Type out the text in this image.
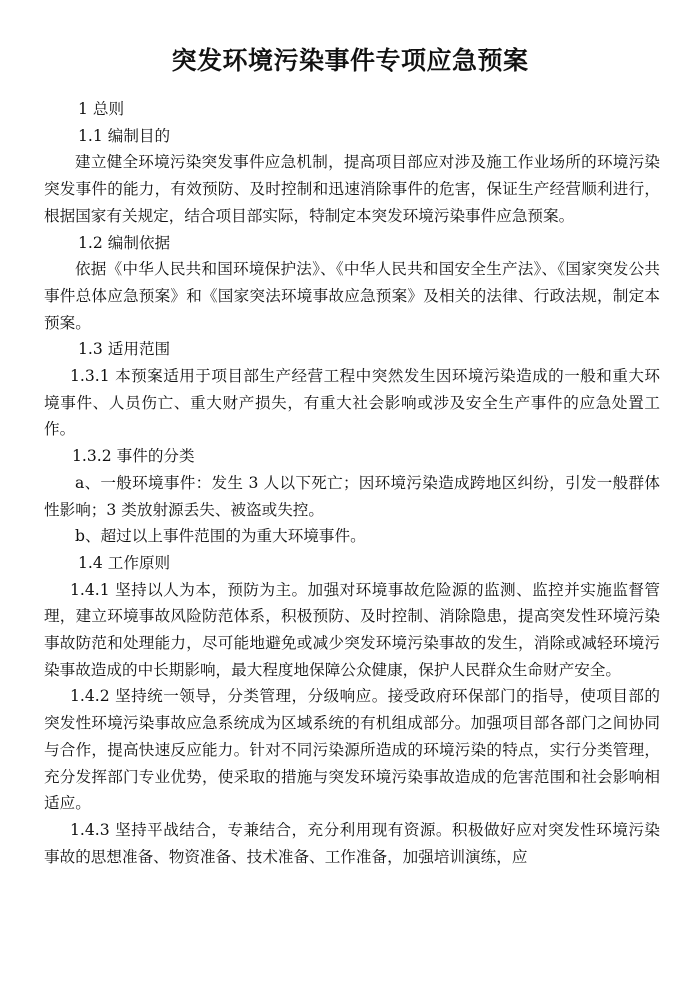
突发环境污染事件专项应急预案

1 总则

1.1 编制目的

建立健全环境污染突发事件应急机制，提高项目部应对涉及施工作业场所的环境污染突发事件的能力，有效预防、及时控制和迅速消除事件的危害，保证生产经营顺利进行，根据国家有关规定，结合项目部实际，特制定本突发环境污染事件应急预案。

1.2 编制依据

依据《中华人民共和国环境保护法》、《中华人民共和国安全生产法》、《国家突发公共事件总体应急预案》和《国家突法环境事故应急预案》及相关的法律、行政法规，制定本预案。

1.3 适用范围

1.3.1 本预案适用于项目部生产经营工程中突然发生因环境污染造成的一般和重大环境事件、人员伤亡、重大财产损失，有重大社会影响或涉及安全生产事件的应急处置工作。

1.3.2 事件的分类

a、一般环境事件：发生 3 人以下死亡；因环境污染造成跨地区纠纷，引发一般群体性影响；3 类放射源丢失、被盗或失控。

b、超过以上事件范围的为重大环境事件。

1.4 工作原则

1.4.1 坚持以人为本，预防为主。加强对环境事故危险源的监测、监控并实施监督管理，建立环境事故风险防范体系，积极预防、及时控制、消除隐患，提高突发性环境污染事故防范和处理能力，尽可能地避免或减少突发环境污染事故的发生，消除或减轻环境污染事故造成的中长期影响，最大程度地保障公众健康，保护人民群众生命财产安全。

1.4.2 坚持统一领导，分类管理，分级响应。接受政府环保部门的指导，使项目部的突发性环境污染事故应急系统成为区域系统的有机组成部分。加强项目部各部门之间协同与合作，提高快速反应能力。针对不同污染源所造成的环境污染的特点，实行分类管理，充分发挥部门专业优势，使采取的措施与突发环境污染事故造成的危害范围和社会影响相适应。

1.4.3 坚持平战结合，专兼结合，充分利用现有资源。积极做好应对突发性环境污染事故的思想准备、物资准备、技术准备、工作准备，加强培训演练，应
